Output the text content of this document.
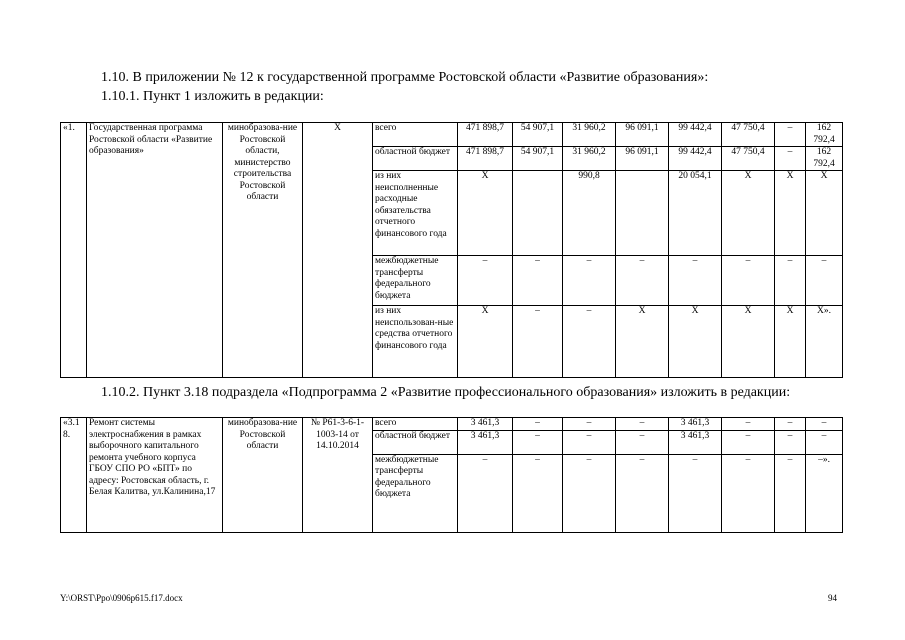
1.10. В приложении № 12 к государственной программе Ростовской области «Развитие образования»:
1.10.1. Пункт 1 изложить в редакции:
«1.	Государственная программа Ростовской области «Развитие образования»	минобразова-ние Ростовской области, министерство строительства Ростовской области	Х	всего	471 898,7	54 907,1	31 960,2	96 091,1	99 442,4	47 750,4	–	162 792,4
				областной бюджет	471 898,7	54 907,1	31 960,2	96 091,1	99 442,4	47 750,4	–	162 792,4
				из них неисполненные расходные обязательства отчетного финансового года	Х		990,8		20 054,1	Х	Х	Х
				межбюджетные трансферты федерального бюджета	–	–	–	–	–	–	–	–
				из них неиспользован-ные средства отчетного финансового года	Х	–	–	Х	Х	Х	Х	Х».
1.10.2. Пункт 3.18 подраздела «Подпрограмма 2 «Развитие профессионального образования» изложить в редакции:
«3.18.	Ремонт системы электроснабжения в рамках выборочного капитального ремонта учебного корпуса ГБОУ СПО РО «БПТ» по адресу: Ростовская область, г. Белая Калитва, ул.Калинина,17	минобразова-ние Ростовской области	№ Р61-3-6-1-1003-14 от 14.10.2014	всего	3 461,3	–	–	–	3 461,3	–	–	–
				областной бюджет	3 461,3	–	–	–	3 461,3	–	–	–
				межбюджетные трансферты федерального бюджета	–	–	–	–	–	–	–	–».
Y:\ORST\Ppo\0906p615.f17.docx	94
